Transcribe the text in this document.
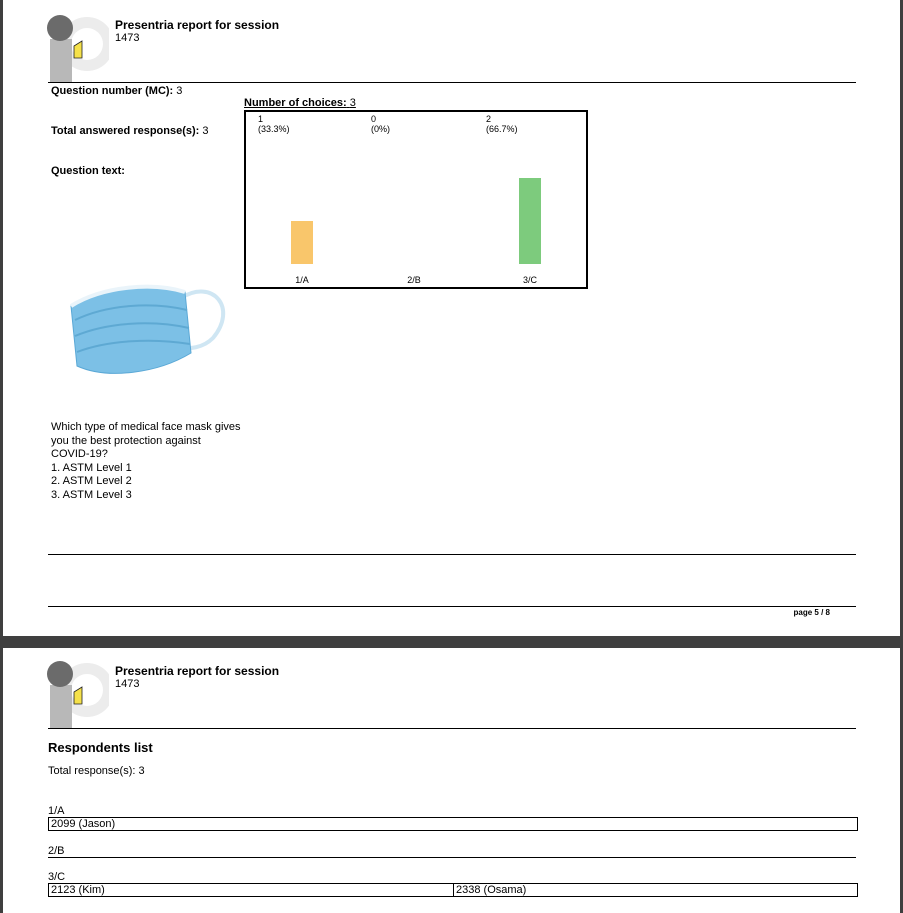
Presentria report for session
1473
Question number (MC): 3
Total answered response(s): 3
Question text:
Number of choices: 3
1
(33.3%)
1/A
0
(0%)
2/B
2
(66.7%)
3/C
Which type of medical face mask gives
you the best protection against
COVID-19?
1. ASTM Level 1
2. ASTM Level 2
3. ASTM Level 3
page 5 / 8
Presentria report for session
1473
Respondents list
Total response(s): 3
1/A
2099 (Jason)
2/B
3/C
2123 (Kim)	2338 (Osama)
